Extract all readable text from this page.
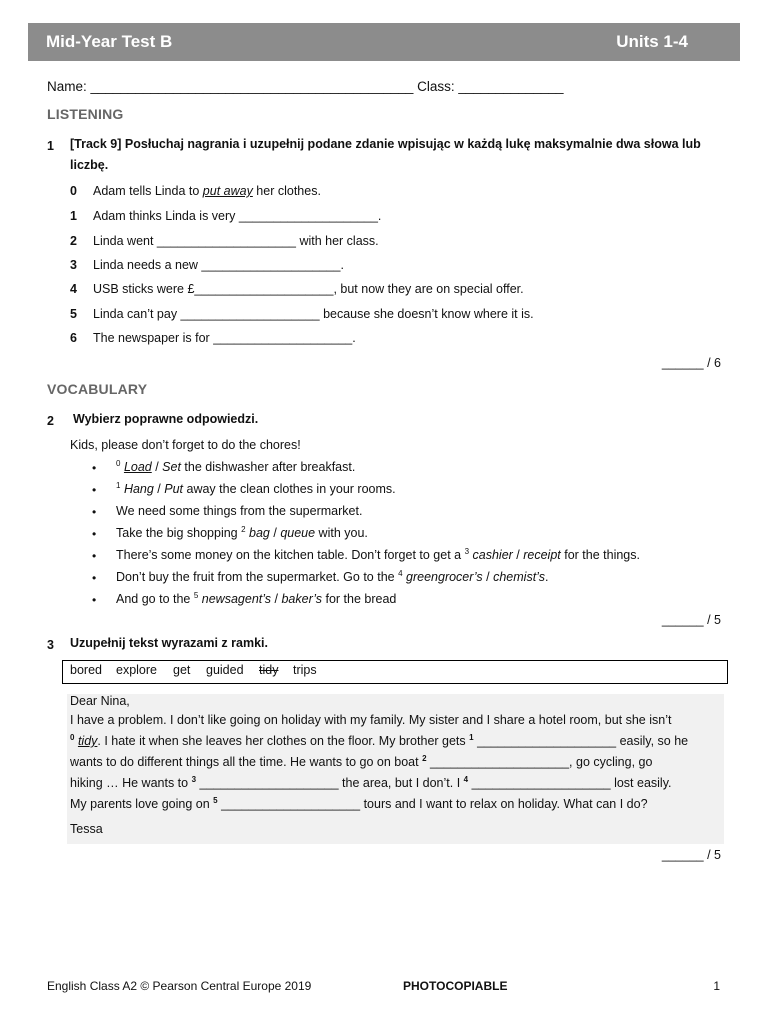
Mid-Year Test B	Units 1-4
Name: ___________________________________________ Class: ______________
LISTENING
1 [Track 9] Posłuchaj nagrania i uzupełnij podane zdanie wpisując w każdą lukę maksymalnie dwa słowa lub liczbę.
0 Adam tells Linda to put away her clothes.
1 Adam thinks Linda is very ____________________.
2 Linda went ____________________ with her class.
3 Linda needs a new ____________________.
4 USB sticks were £____________________, but now they are on special offer.
5 Linda can’t pay ____________________ because she doesn’t know where it is.
6 The newspaper is for ____________________.
______ / 6
VOCABULARY
2 Wybierz poprawne odpowiedzi.
Kids, please don’t forget to do the chores!
• $^0$ Load / Set the dishwasher after breakfast.
• $^1$ Hang / Put away the clean clothes in your rooms.
• We need some things from the supermarket.
• Take the big shopping $^2$ bag / queue with you.
• There’s some money on the kitchen table. Don’t forget to get a $^3$ cashier / receipt for the things.
• Don’t buy the fruit from the supermarket. Go to the $^4$ greengrocer’s / chemist’s.
• And go to the $^5$ newsagent’s / baker’s for the bread
______ / 5
3 Uzupełnij tekst wyrazami z ramki.
bored explore get guided tidy trips
Dear Nina,
I have a problem. I don’t like going on holiday with my family. My sister and I share a hotel room, but she isn’t
$^0$ tidy. I hate it when she leaves her clothes on the floor. My brother gets $^1$ ____________________ easily, so he
wants to do different things all the time. He wants to go on boat $^2$ ____________________, go cycling, go
hiking … He wants to $^3$ ____________________ the area, but I don’t. I $^4$ ____________________ lost easily.
My parents love going on $^5$ ____________________ tours and I want to relax on holiday. What can I do?
Tessa
______ / 5
English Class A2 © Pearson Central Europe 2019	PHOTOCOPIABLE	1
